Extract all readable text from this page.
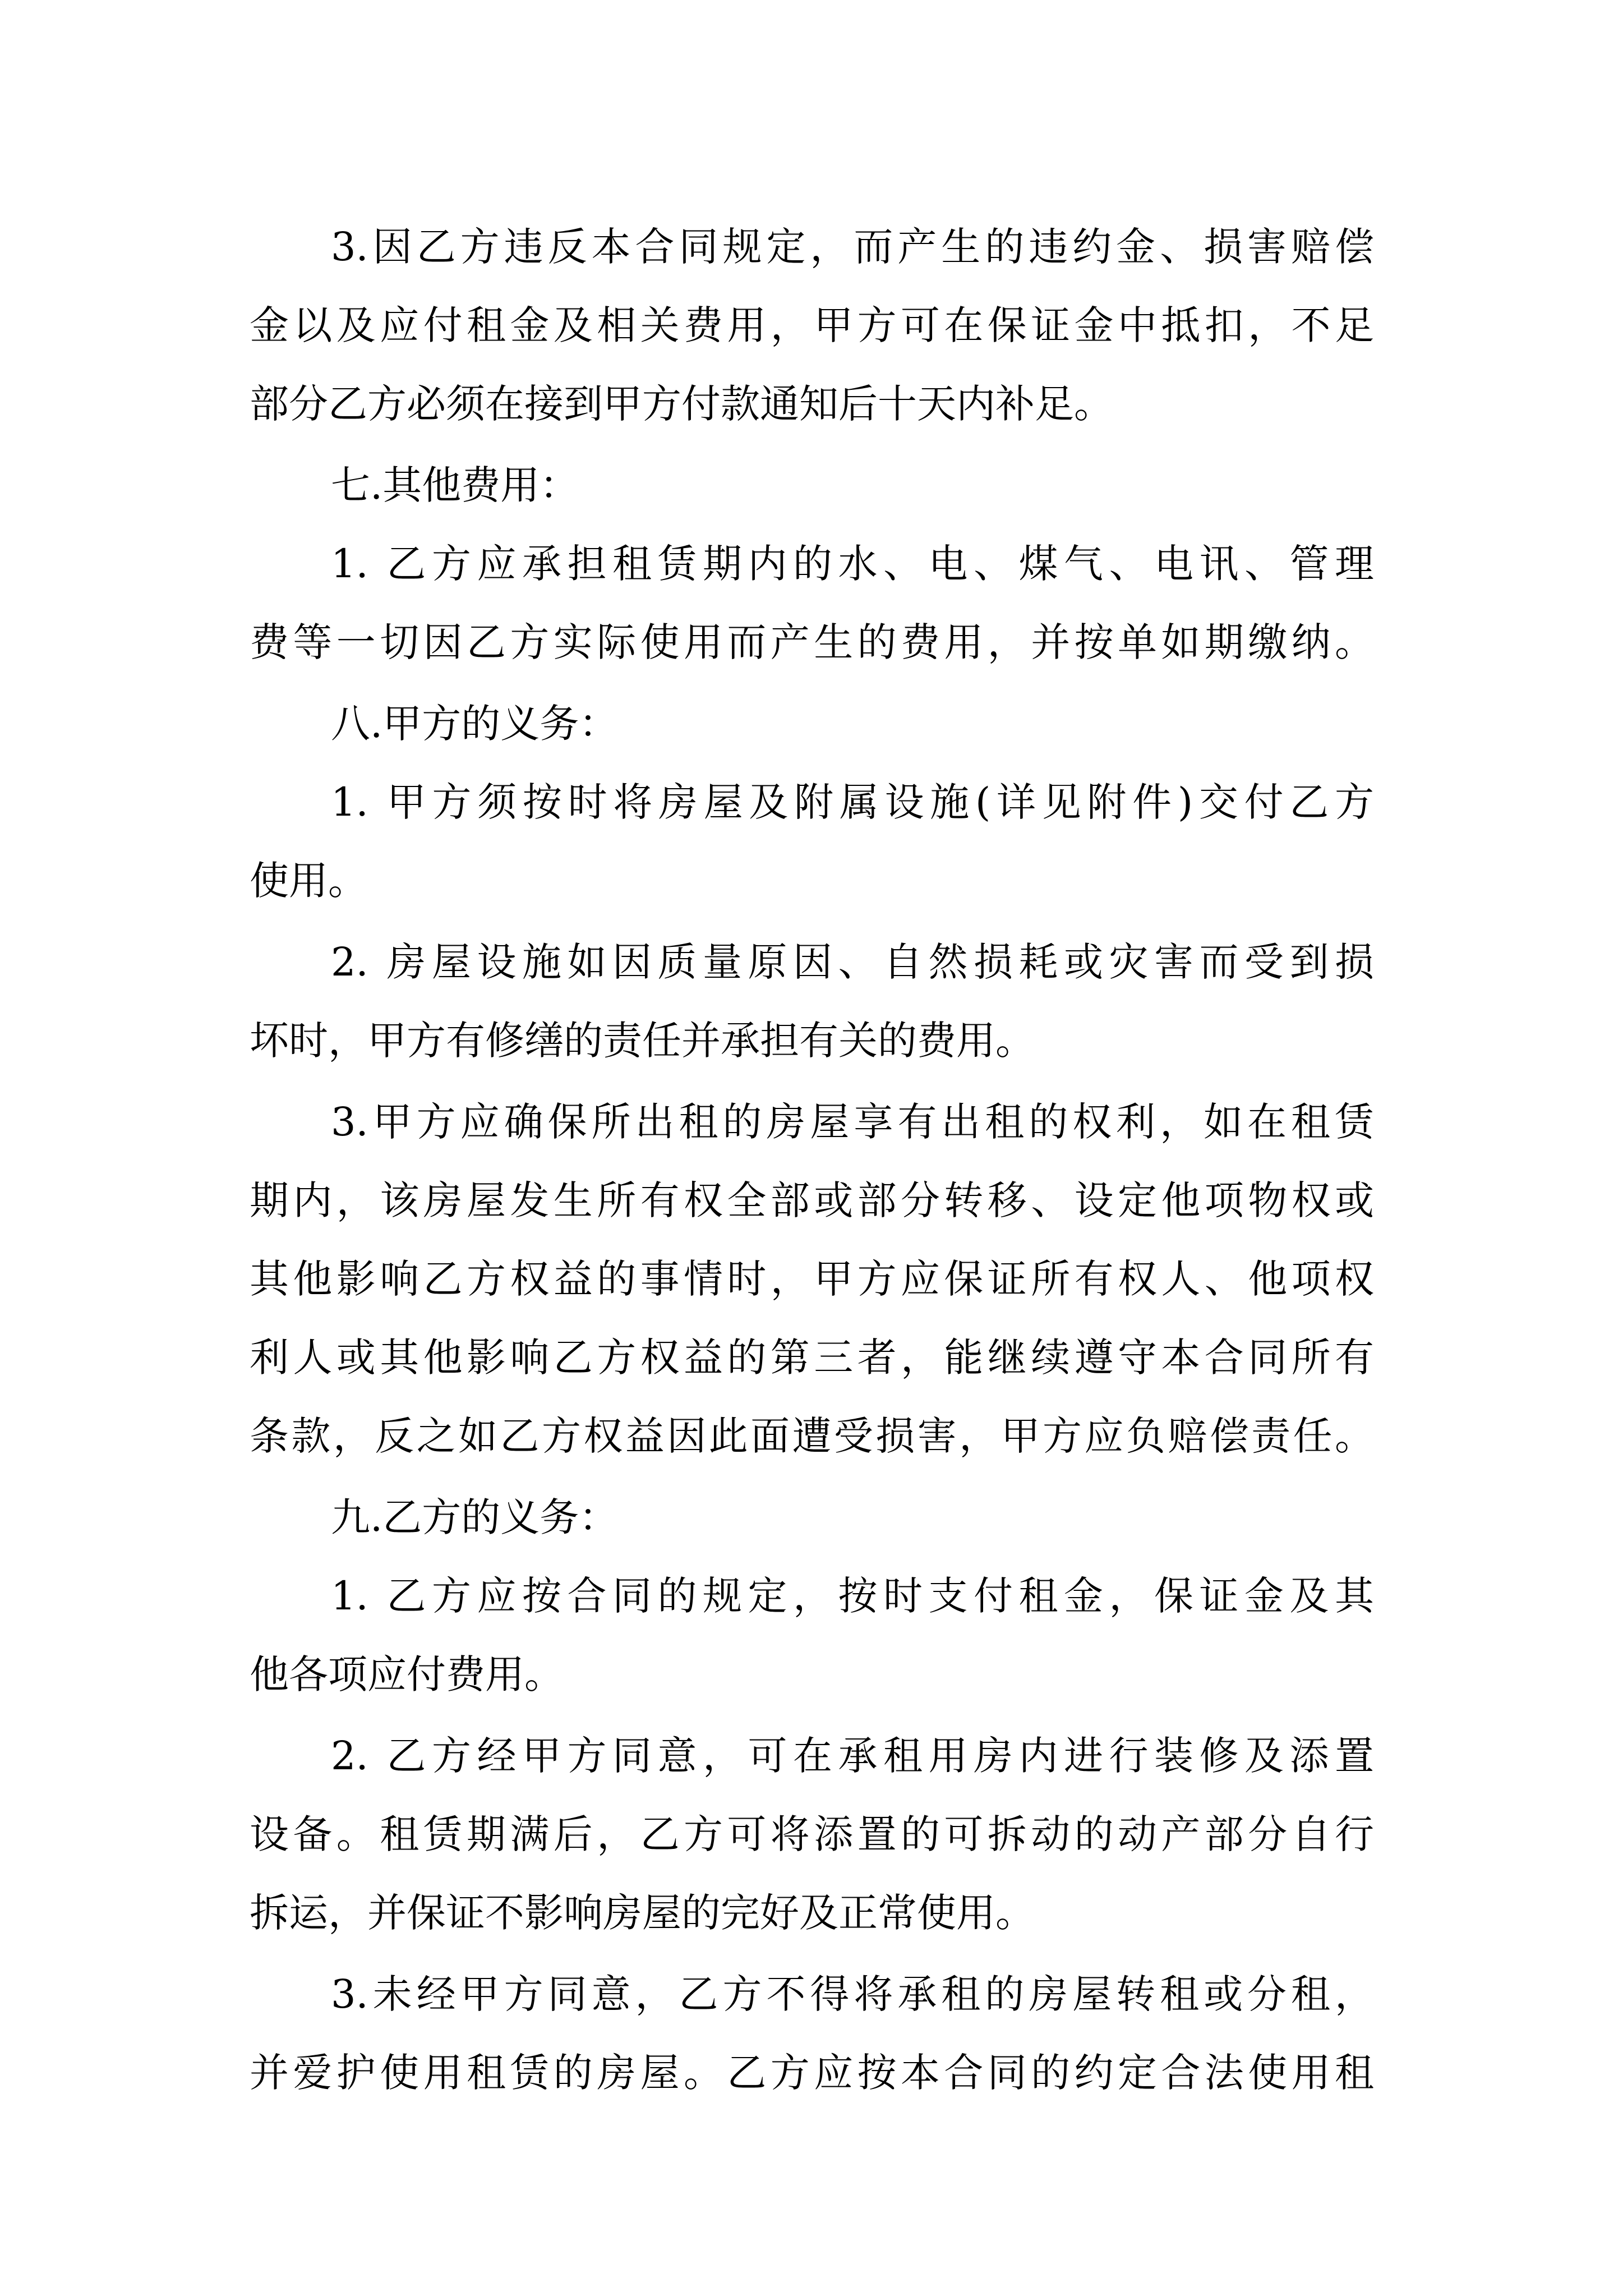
3.因乙方违反本合同规定，而产生的违约金、损害赔偿
金以及应付租金及相关费用，甲方可在保证金中抵扣，不足
部分乙方必须在接到甲方付款通知后十天内补足。
七.其他费用：
1. 乙方应承担租赁期内的水、电、煤气、电讯、管理
费等一切因乙方实际使用而产生的费用，并按单如期缴纳。
八.甲方的义务：
1. 甲方须按时将房屋及附属设施(详见附件)交付乙方
使用。
2. 房屋设施如因质量原因、自然损耗或灾害而受到损
坏时，甲方有修缮的责任并承担有关的费用。
3.甲方应确保所出租的房屋享有出租的权利，如在租赁
期内，该房屋发生所有权全部或部分转移、设定他项物权或
其他影响乙方权益的事情时，甲方应保证所有权人、他项权
利人或其他影响乙方权益的第三者，能继续遵守本合同所有
条款，反之如乙方权益因此面遭受损害，甲方应负赔偿责任。
九.乙方的义务：
1. 乙方应按合同的规定，按时支付租金，保证金及其
他各项应付费用。
2. 乙方经甲方同意，可在承租用房内进行装修及添置
设备。租赁期满后，乙方可将添置的可拆动的动产部分自行
拆运，并保证不影响房屋的完好及正常使用。
3.未经甲方同意，乙方不得将承租的房屋转租或分租，
并爱护使用租赁的房屋。乙方应按本合同的约定合法使用租
